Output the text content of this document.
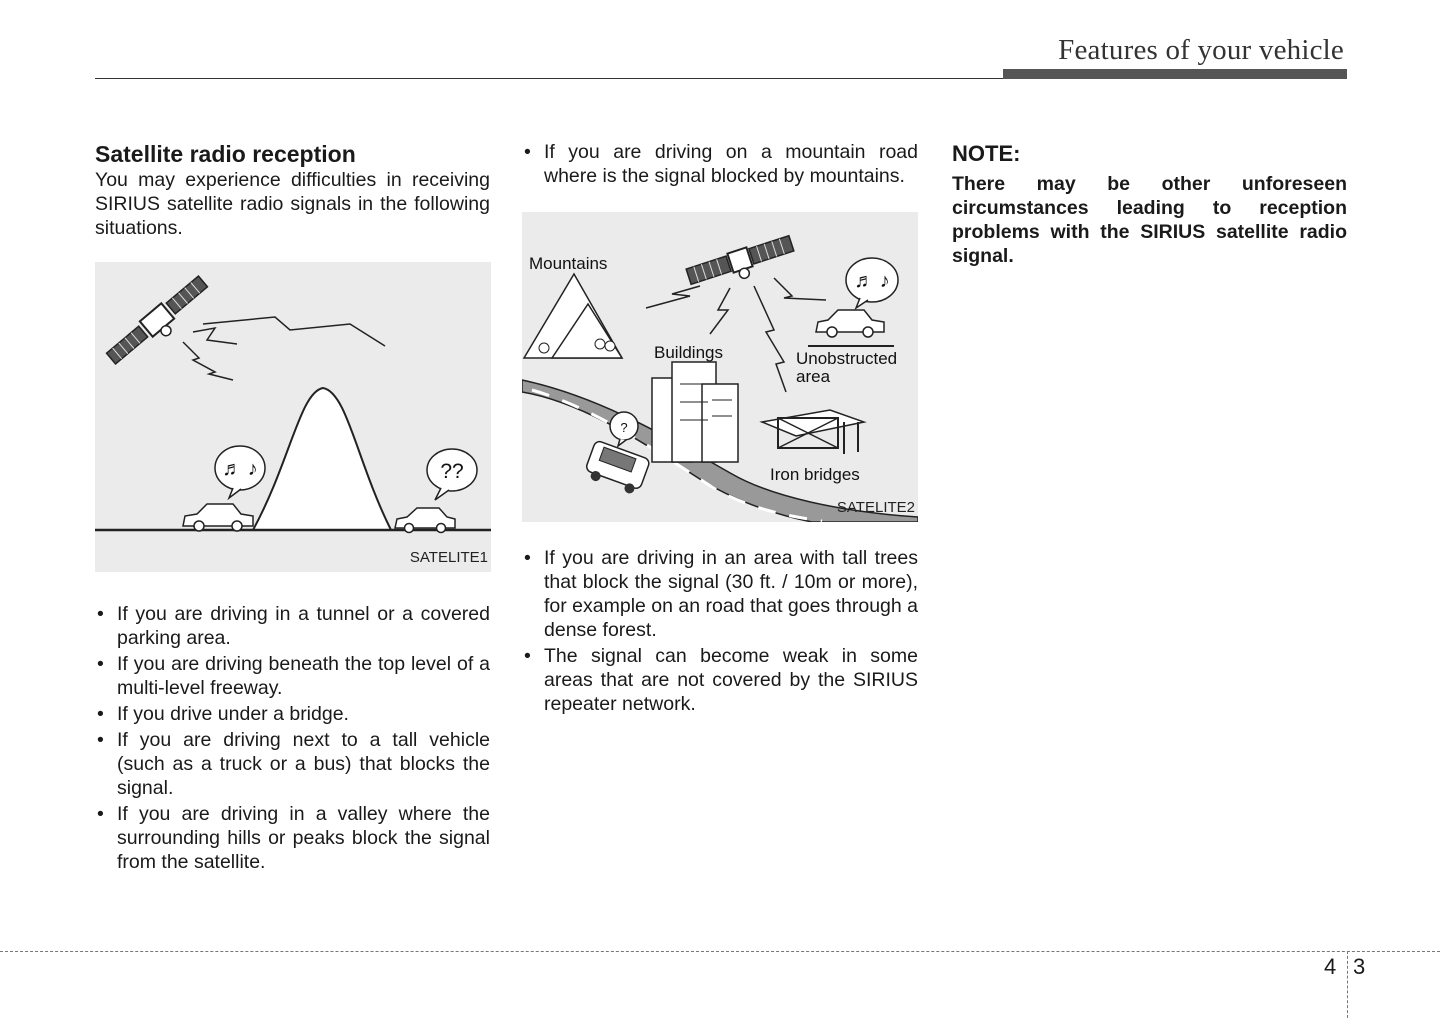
Features of your vehicle
Satellite radio reception

You may experience difficulties in receiving SIRIUS satellite radio signals in the following situations.

♬ ♪	??
SATELITE1
• If you are driving in a tunnel or a covered parking area.
• If you are driving beneath the top level of a multi-level freeway.
• If you drive under a bridge.
• If you are driving next to a tall vehicle (such as a truck or a bus) that blocks the signal.
• If you are driving in a valley where the surrounding hills or peaks block the signal from the satellite.
• If you are driving on a mountain road where is the signal blocked by mountains.
Mountains
Buildings
?
♬ ♪
Unobstructed
area
Iron bridges
SATELITE2
• If you are driving in an area with tall trees that block the signal (30 ft. / 10m or more), for example on an road that goes through a dense forest.
• The signal can become weak in some areas that are not covered by the SIRIUS repeater network.
NOTE:

There may be other unforeseen circumstances leading to reception problems with the SIRIUS satellite radio signal.

4 3
